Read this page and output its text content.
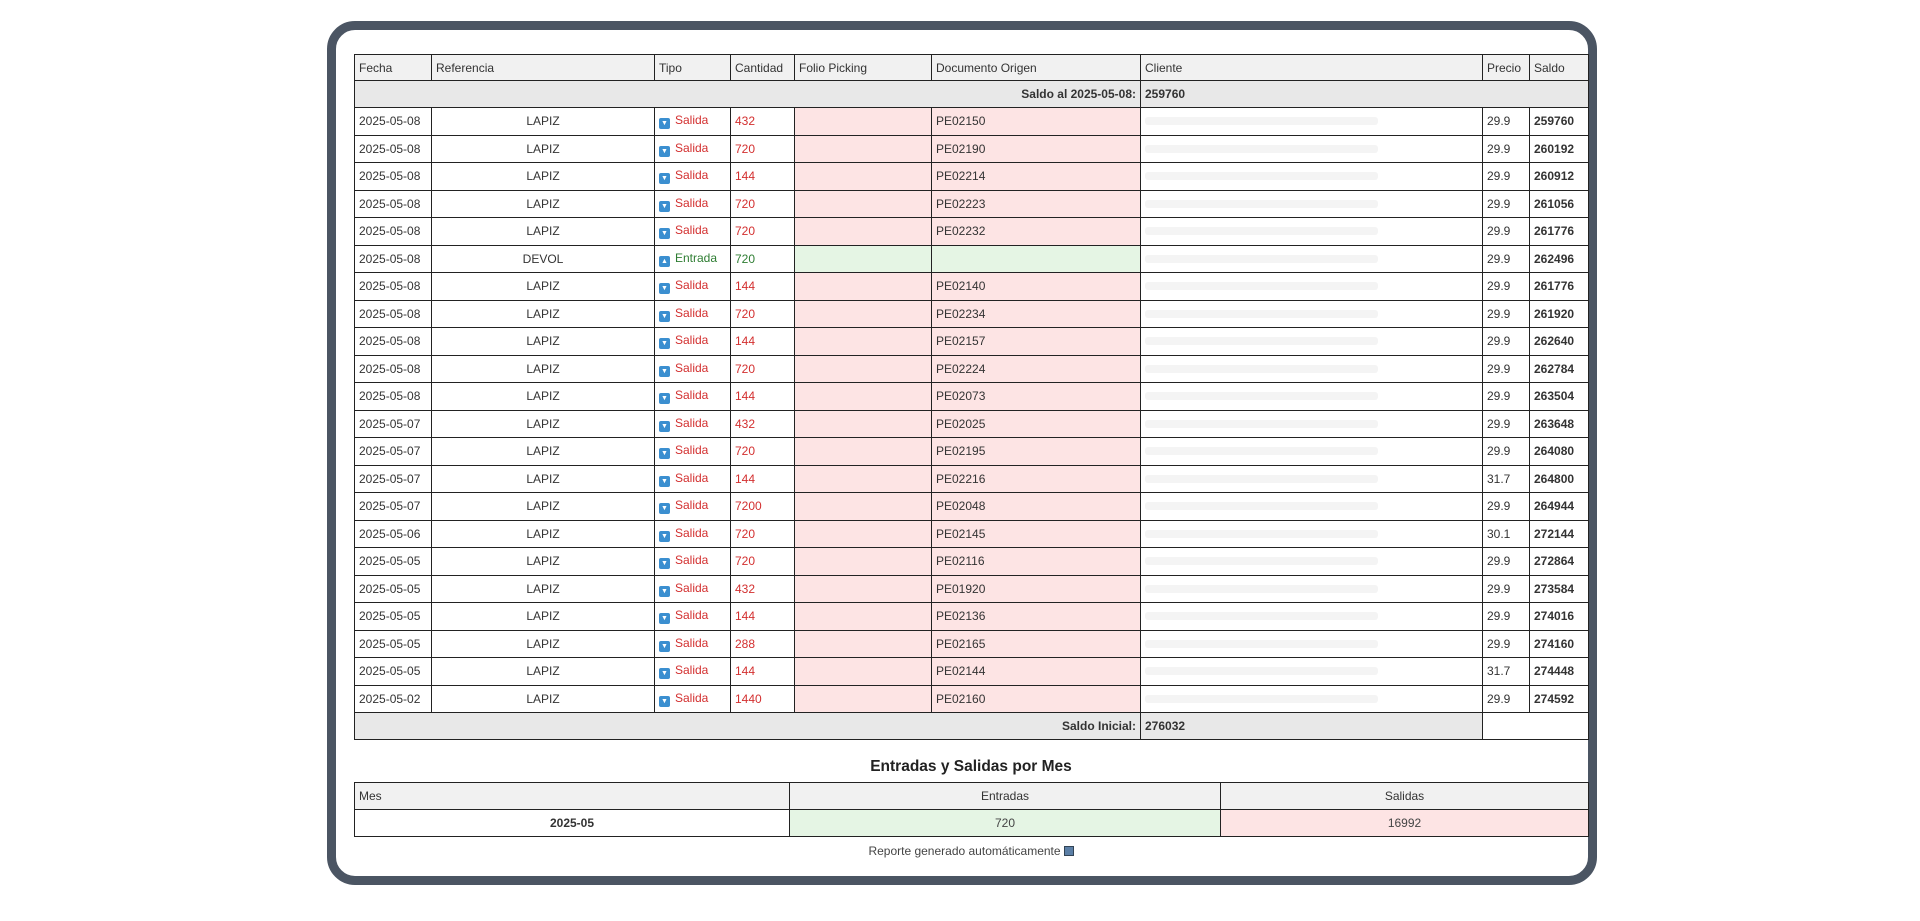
Fecha	Referencia	Tipo	Cantidad	Folio Picking	Documento Origen	Cliente	Precio	Saldo
Saldo al 2025-05-08:						259760		
2025-05-08	LAPIZ	▼ Salida	432		PE02150		29.9	259760
2025-05-08	LAPIZ	▼ Salida	720		PE02190		29.9	260192
2025-05-08	LAPIZ	▼ Salida	144		PE02214		29.9	260912
2025-05-08	LAPIZ	▼ Salida	720		PE02223		29.9	261056
2025-05-08	LAPIZ	▼ Salida	720		PE02232		29.9	261776
2025-05-08	DEVOL	▲ Entrada	720				29.9	262496
2025-05-08	LAPIZ	▼ Salida	144		PE02140		29.9	261776
2025-05-08	LAPIZ	▼ Salida	720		PE02234		29.9	261920
2025-05-08	LAPIZ	▼ Salida	144		PE02157		29.9	262640
2025-05-08	LAPIZ	▼ Salida	720		PE02224		29.9	262784
2025-05-08	LAPIZ	▼ Salida	144		PE02073		29.9	263504
2025-05-07	LAPIZ	▼ Salida	432		PE02025		29.9	263648
2025-05-07	LAPIZ	▼ Salida	720		PE02195		29.9	264080
2025-05-07	LAPIZ	▼ Salida	144		PE02216		31.7	264800
2025-05-07	LAPIZ	▼ Salida	7200		PE02048		29.9	264944
2025-05-06	LAPIZ	▼ Salida	720		PE02145		30.1	272144
2025-05-05	LAPIZ	▼ Salida	720		PE02116		29.9	272864
2025-05-05	LAPIZ	▼ Salida	432		PE01920		29.9	273584
2025-05-05	LAPIZ	▼ Salida	144		PE02136		29.9	274016
2025-05-05	LAPIZ	▼ Salida	288		PE02165		29.9	274160
2025-05-05	LAPIZ	▼ Salida	144		PE02144		31.7	274448
2025-05-02	LAPIZ	▼ Salida	1440		PE02160		29.9	274592
Saldo Inicial:						276032		
Entradas y Salidas por Mes
Mes	Entradas	Salidas
2025-05	720	16992
Reporte generado automáticamente
